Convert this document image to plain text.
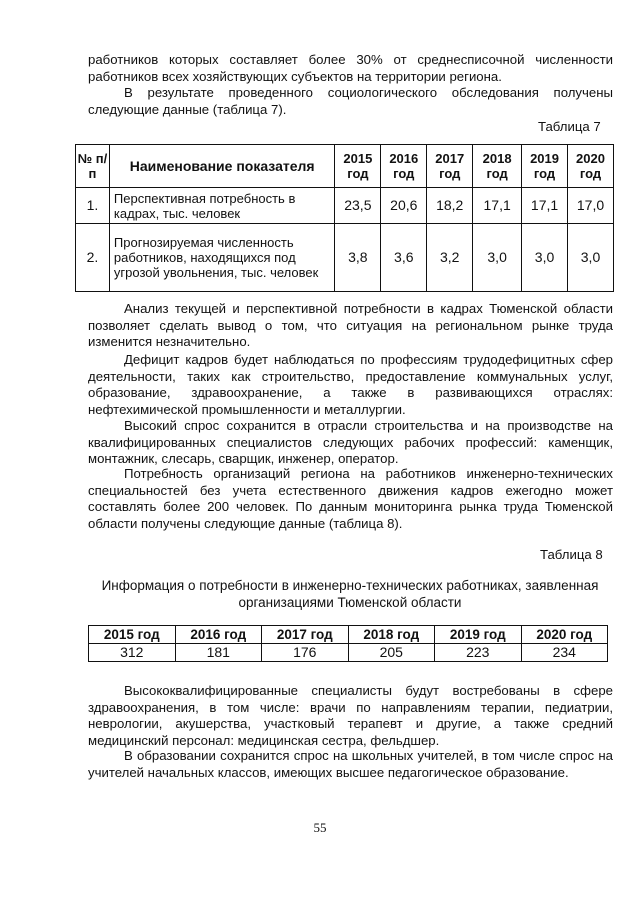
работников которых составляет более 30% от среднесписочной численности работников всех хозяйствующих субъектов на территории региона.

В результате проведенного социологического обследования получены следующие данные (таблица 7).

Таблица 7
№ п/п	Наименование показателя	2015 год	2016 год	2017 год	2018 год	2019 год	2020 год
1.	Перспективная потребность в кадрах, тыс. человек	23,5	20,6	18,2	17,1	17,1	17,0
2.	Прогнозируемая численность работников, находящихся под угрозой увольнения, тыс. человек	3,8	3,6	3,2	3,0	3,0	3,0

Анализ текущей и перспективной потребности в кадрах Тюменской области позволяет сделать вывод о том, что ситуация на региональном рынке труда изменится незначительно.

Дефицит кадров будет наблюдаться по профессиям трудодефицитных сфер деятельности, таких как строительство, предоставление коммунальных услуг, образование, здравоохранение, а также в развивающихся отраслях: нефтехимической промышленности и металлургии.

Высокий спрос сохранится в отрасли строительства и на производстве на квалифицированных специалистов следующих рабочих профессий: каменщик, монтажник, слесарь, сварщик, инженер, оператор.

Потребность организаций региона на работников инженерно-технических специальностей без учета естественного движения кадров ежегодно может составлять более 200 человек. По данным мониторинга рынка труда Тюменской области получены следующие данные (таблица 8).

Таблица 8
Информация о потребности в инженерно-технических работниках, заявленная организациями Тюменской области
2015 год	2016 год	2017 год	2018 год	2019 год	2020 год
312	181	176	205	223	234

Высококвалифицированные специалисты будут востребованы в сфере здравоохранения, в том числе: врачи по направлениям терапии, педиатрии, неврологии, акушерства, участковый терапевт и другие, а также средний медицинский персонал: медицинская сестра, фельдшер.

В образовании сохранится спрос на школьных учителей, в том числе спрос на учителей начальных классов, имеющих высшее педагогическое образование.

55
